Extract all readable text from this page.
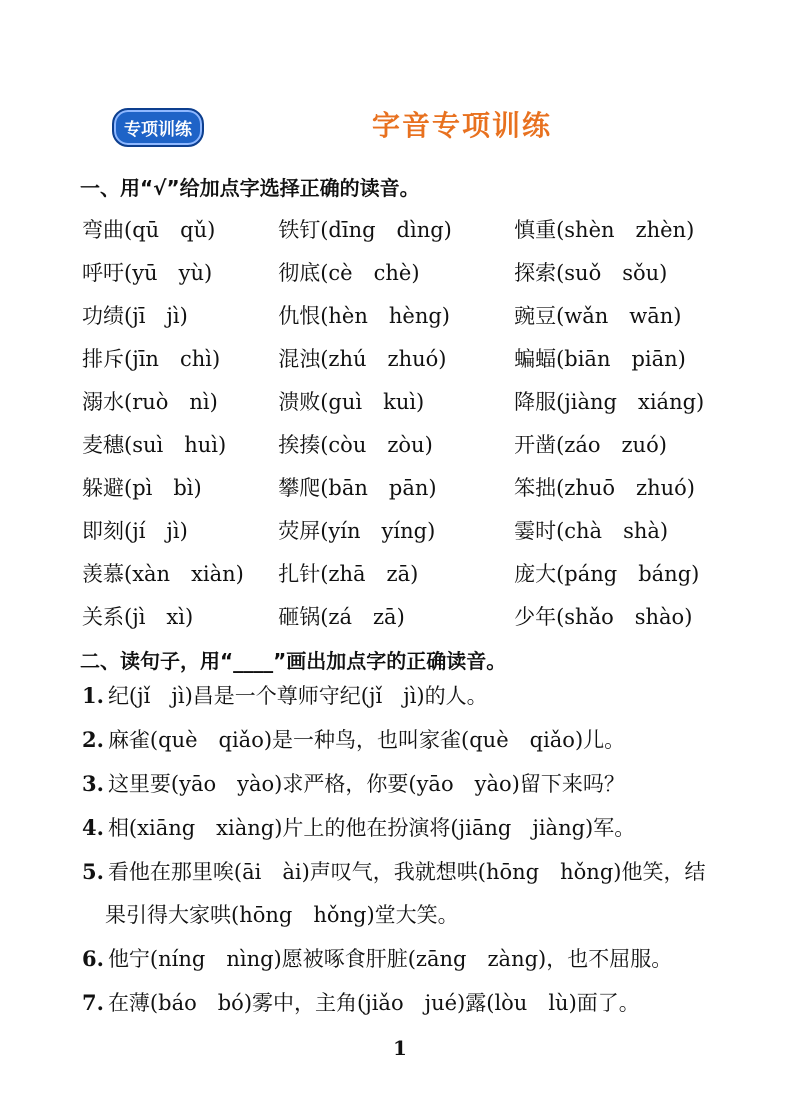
专项训练	字音专项训练
一、用“√”给加点字选择正确的读音。
弯曲(qū　qǔ)	铁钉(dīng　dìng)	慎重(shèn　zhèn)
呼吁(yū　yù)	彻底(cè　chè)	探索(suǒ　sǒu)
功绩(jī　jì)	仇恨(hèn　hèng)	豌豆(wǎn　wān)
排斥(jīn　chì)	混浊(zhú　zhuó)	蝙蝠(biān　piān)
溺水(ruò　nì)	溃败(guì　kuì)	降服(jiàng　xiáng)
麦穗(suì　huì)	挨揍(còu　zòu)	开凿(záo　zuó)
躲避(pì　bì)	攀爬(bān　pān)	笨拙(zhuō　zhuó)
即刻(jí　jì)	荧屏(yín　yíng)	霎时(chà　shà)
羡慕(xàn　xiàn)	扎针(zhā　zā)	庞大(páng　báng)
关系(jì　xì)	砸锅(zá　zā)	少年(shǎo　shào)
二、读句子，用“____”画出加点字的正确读音。
1. 纪(jǐ　jì)昌是一个尊师守纪(jǐ　jì)的人。
2. 麻雀(què　qiǎo)是一种鸟，也叫家雀(què　qiǎo)儿。
3. 这里要(yāo　yào)求严格，你要(yāo　yào)留下来吗？
4. 相(xiāng　xiàng)片上的他在扮演将(jiāng　jiàng)军。
5. 看他在那里唉(āi　ài)声叹气，我就想哄(hōng　hǒng)他笑，结
果引得大家哄(hōng　hǒng)堂大笑。
6. 他宁(níng　nìng)愿被啄食肝脏(zāng　zàng)，也不屈服。
7. 在薄(báo　bó)雾中，主角(jiǎo　jué)露(lòu　lù)面了。
1
